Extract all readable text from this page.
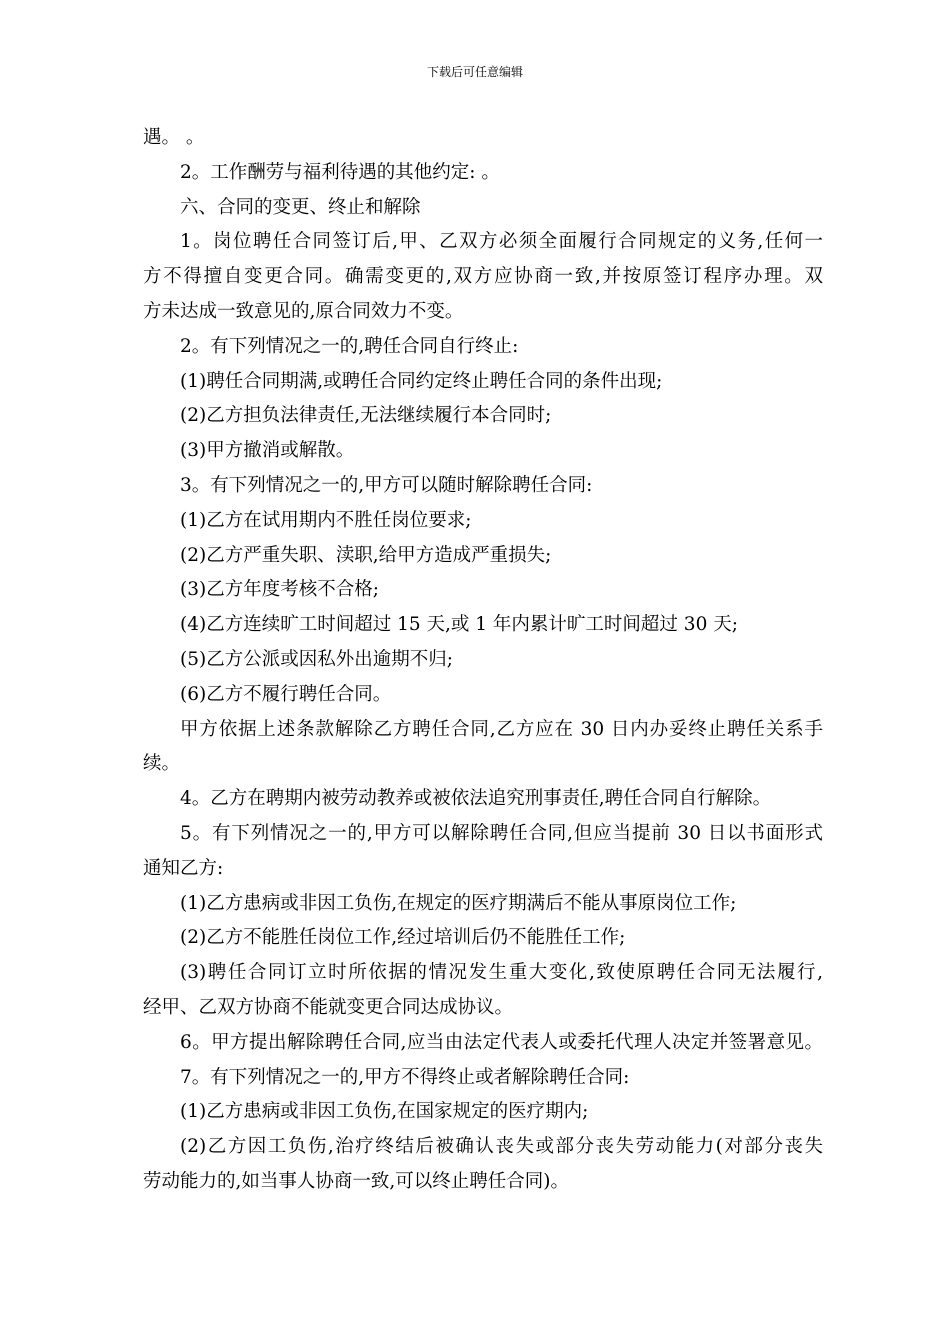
下载后可任意编辑
遇。 。
2。工作酬劳与福利待遇的其他约定: 。
六、合同的变更、终止和解除
1。岗位聘任合同签订后,甲、乙双方必须全面履行合同规定的义务,任何一
方不得擅自变更合同。确需变更的,双方应协商一致,并按原签订程序办理。双
方未达成一致意见的,原合同效力不变。
2。有下列情况之一的,聘任合同自行终止:
(1)聘任合同期满,或聘任合同约定终止聘任合同的条件出现;
(2)乙方担负法律责任,无法继续履行本合同时;
(3)甲方撤消或解散。
3。有下列情况之一的,甲方可以随时解除聘任合同:
(1)乙方在试用期内不胜任岗位要求;
(2)乙方严重失职、渎职,给甲方造成严重损失;
(3)乙方年度考核不合格;
(4)乙方连续旷工时间超过 15 天,或 1 年内累计旷工时间超过 30 天;
(5)乙方公派或因私外出逾期不归;
(6)乙方不履行聘任合同。
甲方依据上述条款解除乙方聘任合同,乙方应在 30 日内办妥终止聘任关系手
续。
4。乙方在聘期内被劳动教养或被依法追究刑事责任,聘任合同自行解除。
5。有下列情况之一的,甲方可以解除聘任合同,但应当提前 30 日以书面形式
通知乙方:
(1)乙方患病或非因工负伤,在规定的医疗期满后不能从事原岗位工作;
(2)乙方不能胜任岗位工作,经过培训后仍不能胜任工作;
(3)聘任合同订立时所依据的情况发生重大变化,致使原聘任合同无法履行,
经甲、乙双方协商不能就变更合同达成协议。
6。甲方提出解除聘任合同,应当由法定代表人或委托代理人决定并签署意见。
7。有下列情况之一的,甲方不得终止或者解除聘任合同:
(1)乙方患病或非因工负伤,在国家规定的医疗期内;
(2)乙方因工负伤,治疗终结后被确认丧失或部分丧失劳动能力(对部分丧失
劳动能力的,如当事人协商一致,可以终止聘任合同)。
